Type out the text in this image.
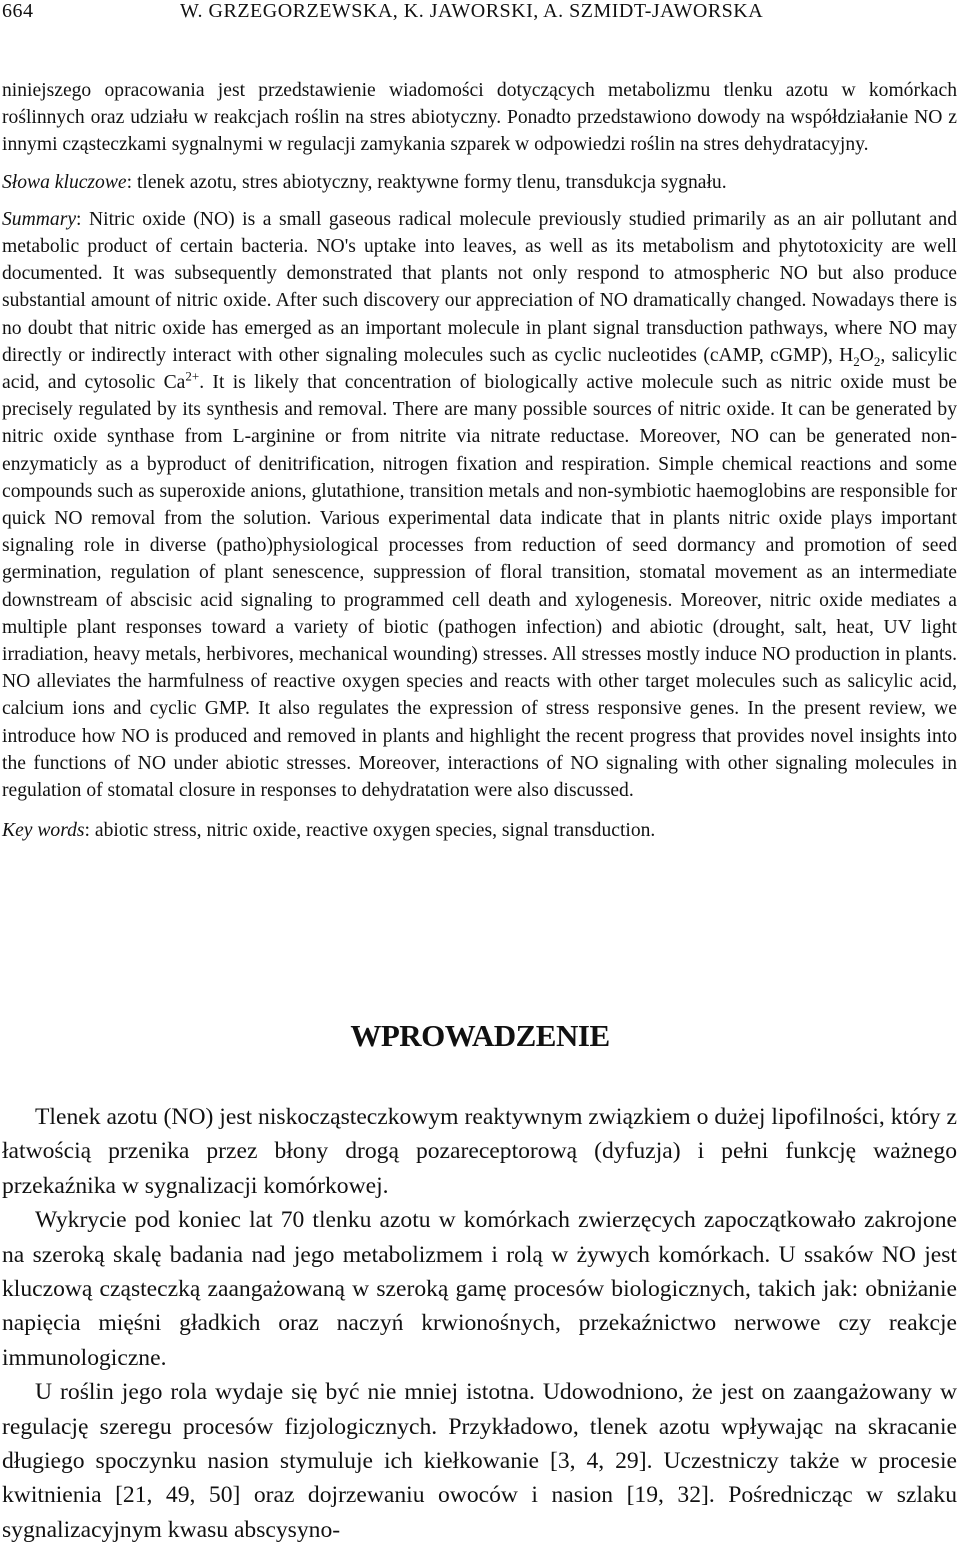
664	W. GRZEGORZEWSKA, K. JAWORSKI, A. SZMIDT-JAWORSKA

niniejszego opracowania jest przedstawienie wiadomości dotyczących metabolizmu tlenku azotu w komórkach roślinnych oraz udziału w reakcjach roślin na stres abiotyczny. Ponadto przedstawiono dowody na współdziałanie NO z innymi cząsteczkami sygnalnymi w regulacji zamykania szparek w odpowiedzi roślin na stres dehydratacyjny.

Słowa kluczowe: tlenek azotu, stres abiotyczny, reaktywne formy tlenu, transdukcja sygnału.

Summary: Nitric oxide (NO) is a small gaseous radical molecule previously studied primarily as an air pollutant and metabolic product of certain bacteria. NO's uptake into leaves, as well as its metabolism and phytotoxicity are well documented. It was subsequently demonstrated that plants not only respond to atmospheric NO but also produce substantial amount of nitric oxide. After such discovery our appreciation of NO dramatically changed. Nowadays there is no doubt that nitric oxide has emerged as an important molecule in plant signal transduction pathways, where NO may directly or indirectly interact with other signaling molecules such as cyclic nucleotides (cAMP, cGMP), $H_2O_2$, salicylic acid, and cytosolic $Ca^{2+}$. It is likely that concentration of biologically active molecule such as nitric oxide must be precisely regulated by its synthesis and removal. There are many possible sources of nitric oxide. It can be generated by nitric oxide synthase from L-arginine or from nitrite via nitrate reductase. Moreover, NO can be generated non-enzymaticly as a byproduct of denitrification, nitrogen fixation and respiration. Simple chemical reactions and some compounds such as superoxide anions, glutathione, transition metals and non-symbiotic haemoglobins are responsible for quick NO removal from the solution. Various experimental data indicate that in plants nitric oxide plays important signaling role in diverse (patho)physiological processes from reduction of seed dormancy and promotion of seed germination, regulation of plant senescence, suppression of floral transition, stomatal movement as an intermediate downstream of abscisic acid signaling to programmed cell death and xylogenesis. Moreover, nitric oxide mediates a multiple plant responses toward a variety of biotic (pathogen infection) and abiotic (drought, salt, heat, UV light irradiation, heavy metals, herbivores, mechanical wounding) stresses. All stresses mostly induce NO production in plants. NO alleviates the harmfulness of reactive oxygen species and reacts with other target molecules such as salicylic acid, calcium ions and cyclic GMP. It also regulates the expression of stress responsive genes. In the present review, we introduce how NO is produced and removed in plants and highlight the recent progress that provides novel insights into the functions of NO under abiotic stresses. Moreover, interactions of NO signaling with other signaling molecules in regulation of stomatal closure in responses to dehydratation were also discussed.

Key words: abiotic stress, nitric oxide, reactive oxygen species, signal transduction.

WPROWADZENIE

Tlenek azotu (NO) jest niskocząsteczkowym reaktywnym związkiem o dużej lipofilności, który z łatwością przenika przez błony drogą pozareceptorową (dyfuzja) i pełni funkcję ważnego przekaźnika w sygnalizacji komórkowej.

Wykrycie pod koniec lat 70 tlenku azotu w komórkach zwierzęcych zapoczątkowało zakrojone na szeroką skalę badania nad jego metabolizmem i rolą w żywych komórkach. U ssaków NO jest kluczową cząsteczką zaangażowaną w szeroką gamę procesów biologicznych, takich jak: obniżanie napięcia mięśni gładkich oraz naczyń krwionośnych, przekaźnictwo nerwowe czy reakcje immunologiczne.

U roślin jego rola wydaje się być nie mniej istotna. Udowodniono, że jest on zaangażowany w regulację szeregu procesów fizjologicznych. Przykładowo, tlenek azotu wpływając na skracanie długiego spoczynku nasion stymuluje ich kiełkowanie [3, 4, 29]. Uczestniczy także w procesie kwitnienia [21, 49, 50] oraz dojrzewaniu owoców i nasion [19, 32]. Pośrednicząc w szlaku sygnalizacyjnym kwasu abscysyno-
